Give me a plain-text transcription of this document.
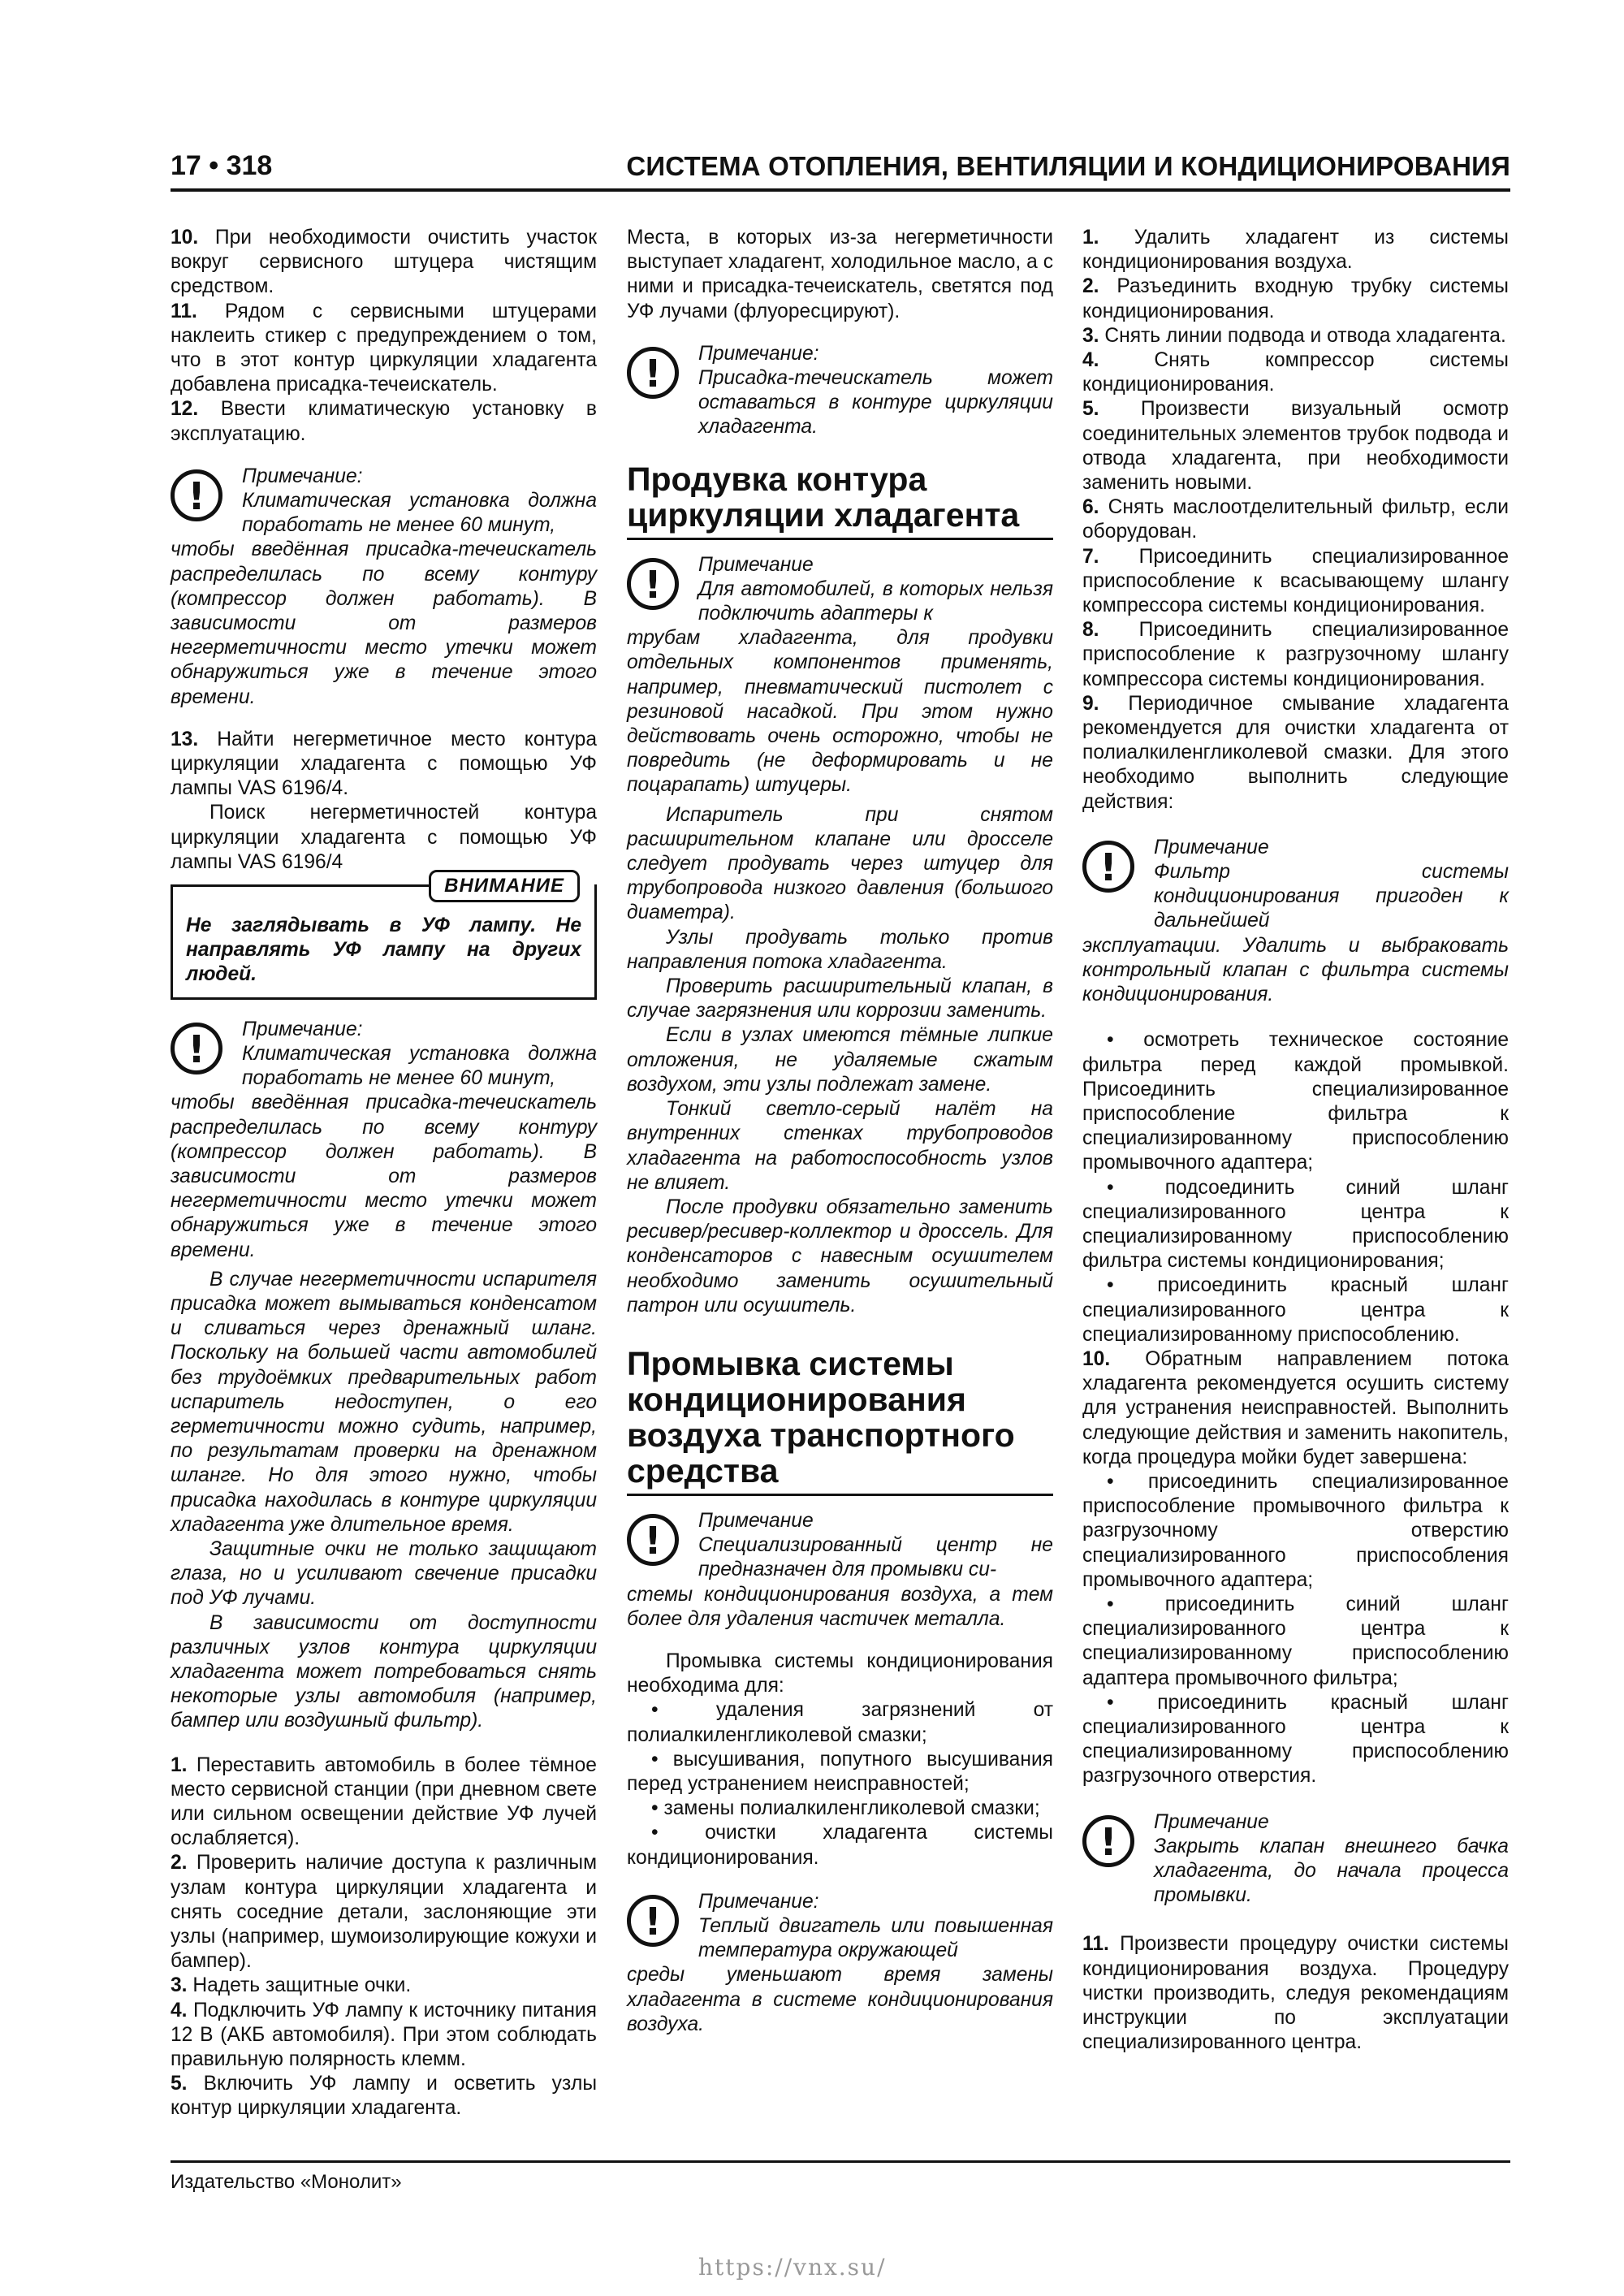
17 • 318	СИСТЕМА ОТОПЛЕНИЯ, ВЕНТИЛЯЦИИ И КОНДИЦИОНИРОВАНИЯ

10. При необходимости очистить участок вокруг сервисного штуцера чистящим средством.

11. Рядом с сервисными штуцерами наклеить стикер с предупреждением о том, что в этот контур циркуляции хладагента добавлена присадка-течеискатель.

12. Ввести климатическую установку в эксплуатацию.

!	Примечание:
Климатическая установка должна поработать не менее 60 минут,
чтобы введённая присадка-течеискатель распределилась по всему контуру (компрессор должен работать). В зависимости от размеров негерметичности место утечки может обнаружиться уже в течение этого времени.

13. Найти негерметичное место контура циркуляции хладагента с помощью УФ лампы VAS 6196/4.

Поиск негерметичностей контура циркуляции хладагента с помощью УФ лампы VAS 6196/4

ВНИМАНИЕ
Не заглядывать в УФ лампу. Не направлять УФ лампу на других людей.
!	Примечание:
Климатическая установка должна поработать не менее 60 минут,
чтобы введённая присадка-течеискатель распределилась по всему контуру (компрессор должен работать). В зависимости от размеров негерметичности место утечки может обнаружиться уже в течение этого времени.

В случае негерметичности испарителя присадка может вымываться конденсатом и сливаться через дренажный шланг. Поскольку на большей части автомобилей без трудоёмких предварительных работ испаритель недоступен, о его герметичности можно судить, например, по результатам проверки на дренажном шланге. Но для этого нужно, чтобы присадка находилась в контуре циркуляции хладагента уже длительное время.

Защитные очки не только защищают глаза, но и усиливают свечение присадки под УФ лучами.

В зависимости от доступности различных узлов контура циркуляции хладагента может потребоваться снять некоторые узлы автомобиля (например, бампер или воздушный фильтр).

1. Переставить автомобиль в более тёмное место сервисной станции (при дневном свете или сильном освещении действие УФ лучей ослабляется).

2. Проверить наличие доступа к различным узлам контура циркуляции хладагента и снять соседние детали, заслоняющие эти узлы (например, шумоизолирующие кожухи и бампер).

3. Надеть защитные очки.

4. Подключить УФ лампу к источнику питания 12 В (АКБ автомобиля). При этом соблюдать правильную полярность клемм.

5. Включить УФ лампу и осветить узлы контур циркуляции хладагента.

Места, в которых из-за негерметичности выступает хладагент, холодильное масло, а с ними и присадка-течеискатель, светятся под УФ лучами (флуоресцируют).

!	Примечание:
Присадка-течеискатель может оставаться в контуре циркуляции хладагента.
Продувка контура циркуляции хладагента
!	Примечание
Для автомобилей, в которых нельзя подключить адаптеры к
трубам хладагента, для продувки отдельных компонентов применять, например, пневматический пистолет с резиновой насадкой. При этом нужно действовать очень осторожно, чтобы не повредить (не деформировать и не поцарапать) штуцеры.

Испаритель при снятом расширительном клапане или дросселе следует продувать через штуцер для трубопровода низкого давления (большого диаметра).

Узлы продувать только против направления потока хладагента.

Проверить расширительный клапан, в случае загрязнения или коррозии заменить.

Если в узлах имеются тёмные липкие отложения, не удаляемые сжатым воздухом, эти узлы подлежат замене.

Тонкий светло-серый налёт на внутренних стенках трубопроводов хладагента на работоспособность узлов не влияет.

После продувки обязательно заменить ресивер/ресивер-коллектор и дроссель. Для конденсаторов с навесным осушителем необходимо заменить осушительный патрон или осушитель.

Промывка системы кондиционирования воздуха транспортного средства
!	Примечание
Специализированный центр не предназначен для промывки си-
стемы кондиционирования воздуха, а тем более для удаления частичек металла.

Промывка системы кондиционирования необходима для:

• удаления загрязнений от полиалкиленгликолевой смазки;

• высушивания, попутного высушивания перед устранением неисправностей;

• замены полиалкиленгликолевой смазки;

• очистки хладагента системы кондиционирования.

!	Примечание:
Теплый двигатель или повышенная температура окружающей
среды уменьшают время замены хладагента в системе кондиционирования воздуха.

1. Удалить хладагент из системы кондиционирования воздуха.

2. Разъединить входную трубку системы кондиционирования.

3. Снять линии подвода и отвода хладагента.

4.	Снять компрессор системы кондиционирования.

5. Произвести визуальный осмотр соединительных элементов трубок подвода и отвода хладагента, при необходимости заменить новыми.

6. Снять маслоотделительный фильтр, если оборудован.

7. Присоединить специализированное приспособление к всасывающему шлангу компрессора системы кондиционирования.

8. Присоединить специализированное приспособление к разгрузочному шлангу компрессора системы кондиционирования.

9. Периодичное смывание хладагента рекомендуется для очистки хладагента от полиалкиленгликолевой смазки. Для этого необходимо выполнить следующие действия:

!	Примечание
Фильтр системы кондиционирования пригоден к дальнейшей
эксплуатации. Удалить и выбраковать контрольный клапан с фильтра системы кондиционирования.

• осмотреть техническое состояние фильтра перед каждой промывкой. Присоединить специализированное приспособление фильтра к специализированному приспособлению промывочного адаптера;

• подсоединить синий шланг специализированного центра к специализированному приспособлению фильтра системы кондиционирования;

• присоединить красный шланг специализированного центра к специализированному приспособлению.

10. Обратным направлением потока хладагента рекомендуется осушить систему для устранения неисправностей. Выполнить следующие действия и заменить накопитель, когда процедура мойки будет завершена:

• присоединить специализированное приспособление промывочного фильтра к разгрузочному отверстию специализированного приспособления промывочного адаптера;

• присоединить синий шланг специализированного центра к специализированному приспособлению адаптера промывочного фильтра;

• присоединить красный шланг специализированного центра к специализированному приспособлению разгрузочного отверстия.

!	Примечание
Закрыть клапан внешнего бачка хладагента, до начала процесса промывки.

11. Произвести процедуру очистки системы кондиционирования воздуха. Процедуру чистки производить, следуя рекомендациям инструкции по эксплуатации специализированного центра.

Издательство «Монолит»
https://vnx.su/
